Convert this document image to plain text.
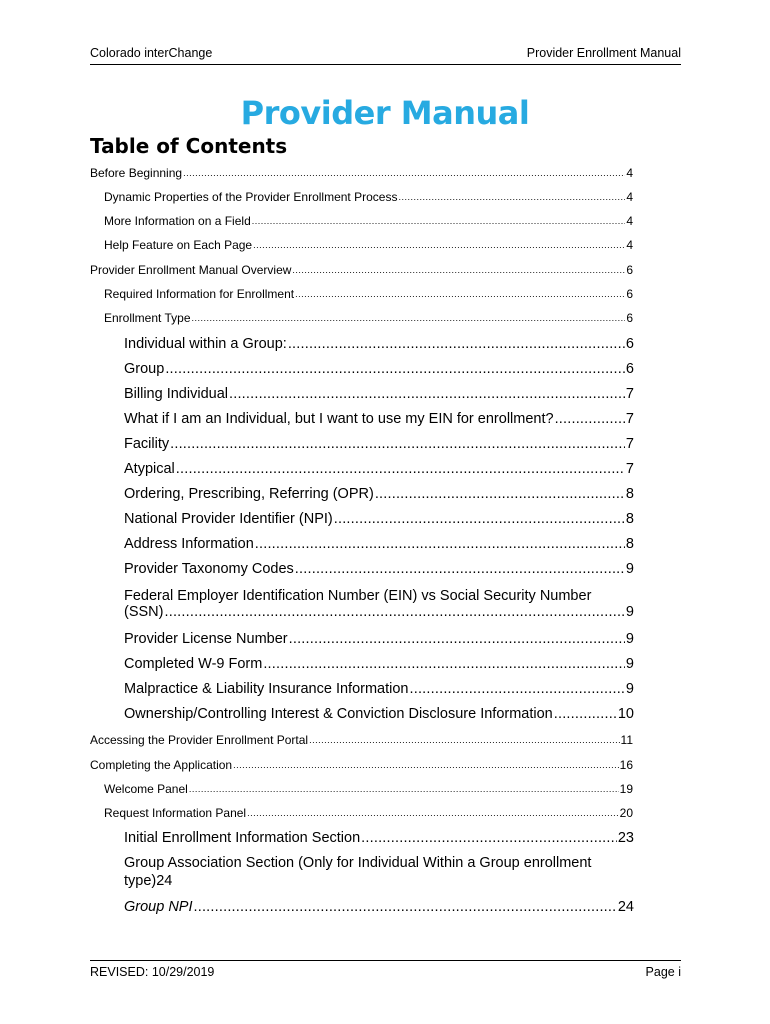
Colorado interChange	Provider Enrollment Manual
Provider Manual
Table of Contents
Before Beginning .....	4
Dynamic Properties of the Provider Enrollment Process .....	4
More Information on a Field .....	4
Help Feature on Each Page .....	4
Provider Enrollment Manual Overview .....	6
Required Information for Enrollment .....	6
Enrollment Type .....	6
Individual within a Group: .....	6
Group .....	6
Billing Individual .....	7
What if I am an Individual, but I want to use my EIN for enrollment? .....	7
Facility .....	7
Atypical .....	7
Ordering, Prescribing, Referring (OPR) .....	8
National Provider Identifier (NPI) .....	8
Address Information .....	8
Provider Taxonomy Codes .....	9
Federal Employer Identification Number (EIN) vs Social Security Number
(SSN) .....	9
Provider License Number .....	9
Completed W-9 Form .....	9
Malpractice & Liability Insurance Information .....	9
Ownership/Controlling Interest & Conviction Disclosure Information .....	10
Accessing the Provider Enrollment Portal .....	11
Completing the Application .....	16
Welcome Panel .....	19
Request Information Panel .....	20
Initial Enrollment Information Section .....	23
Group Association Section (Only for Individual Within a Group enrollment
type)24
Group NPI .....	24
REVISED: 10/29/2019	Page i
